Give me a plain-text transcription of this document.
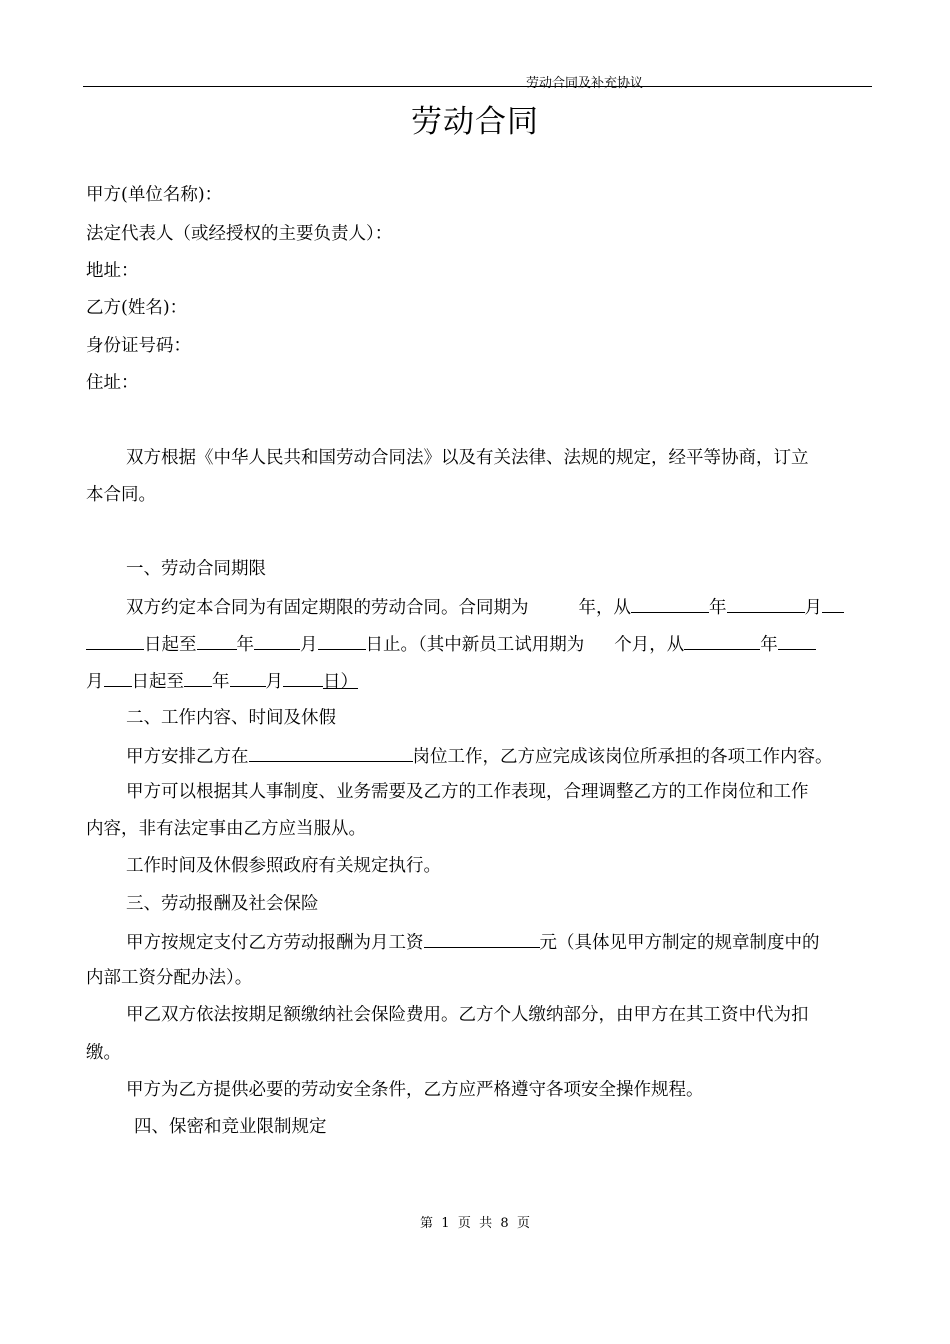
劳动合同及补充协议
劳动合同
甲方(单位名称)：
法定代表人（或经授权的主要负责人）：
地址：
乙方(姓名)：
身份证号码：
住址：
双方根据《中华人民共和国劳动合同法》以及有关法律、法规的规定，经平等协商，订立
本合同。
一、劳动合同期限
双方约定本合同为有固定期限的劳动合同。合同期为	年，从	年	月
日起至 年	月	日止。（其中新员工试用期为 个月，从	年
月 日起至 年 月 日）
二、工作内容、时间及休假
甲方安排乙方在	岗位工作，乙方应完成该岗位所承担的各项工作内容。
甲方可以根据其人事制度、业务需要及乙方的工作表现，合理调整乙方的工作岗位和工作
内容，非有法定事由乙方应当服从。
工作时间及休假参照政府有关规定执行。
三、劳动报酬及社会保险
甲方按规定支付乙方劳动报酬为月工资	元（具体见甲方制定的规章制度中的
内部工资分配办法）。
甲乙双方依法按期足额缴纳社会保险费用。乙方个人缴纳部分，由甲方在其工资中代为扣
缴。
甲方为乙方提供必要的劳动安全条件，乙方应严格遵守各项安全操作规程。
四、保密和竞业限制规定
第 1 页 共 8 页
